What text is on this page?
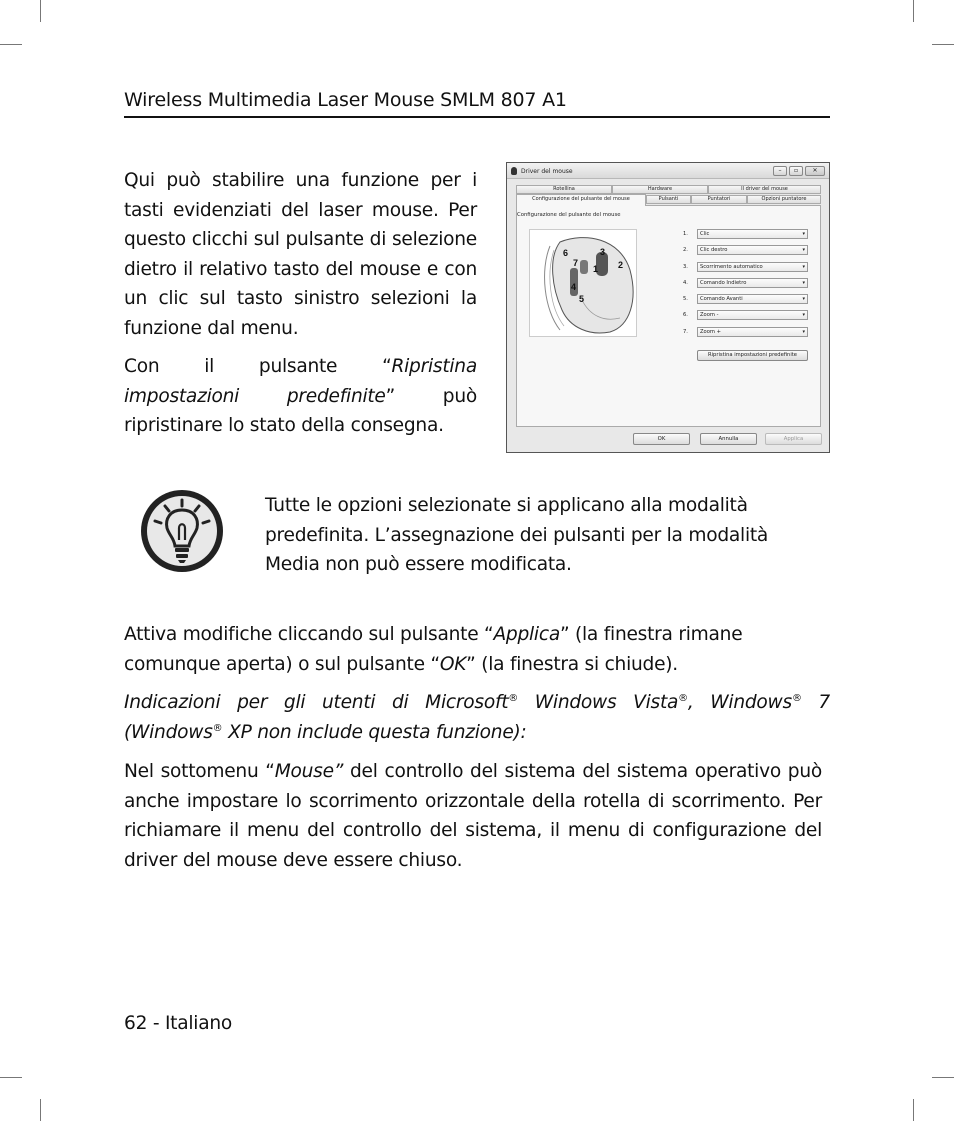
Wireless Multimedia Laser Mouse SMLM 807 A1
Qui può stabilire una funzione per i tasti evidenziati del laser mouse. Per questo clicchi sul pulsante di selezione dietro il relativo tasto del mouse e con un clic sul tasto sinistro selezioni la funzione dal menu.
Con il pulsante “Ripristina impostazioni predefinite” può ripristinare lo stato della consegna.
Driver del mouse	–	▫	✕
Rotellina	Hardware	Il driver del mouse
Configurazione del pulsante del mouse	Pulsanti	Puntatori	Opzioni puntatore
Configurazione del pulsante del mouse
1 2
3
4
5
6
7
1.	Clic	▾
2.	Clic destro	▾
3.	Scorrimento automatico	▾
4.	Comando Indietro	▾
5.	Comando Avanti	▾
6.	Zoom -	▾
7.	Zoom +	▾
Ripristina impostazioni predefinite
OK	Annulla	Applica
Tutte le opzioni selezionate si applicano alla modalità predefinita. L’assegnazione dei pulsanti per la modalità Media non può essere modificata.
Attiva modifiche cliccando sul pulsante “Applica” (la finestra rimane comunque aperta) o sul pulsante “OK” (la finestra si chiude).
Indicazioni per gli utenti di Microsoft® Windows Vista®, Windows® 7 (Windows® XP non include questa funzione):
Nel sottomenu “Mouse” del controllo del sistema del sistema operativo può anche impostare lo scorrimento orizzontale della rotella di scorrimento. Per richiamare il menu del controllo del sistema, il menu di configurazione del driver del mouse deve essere chiuso.
62 - Italiano
